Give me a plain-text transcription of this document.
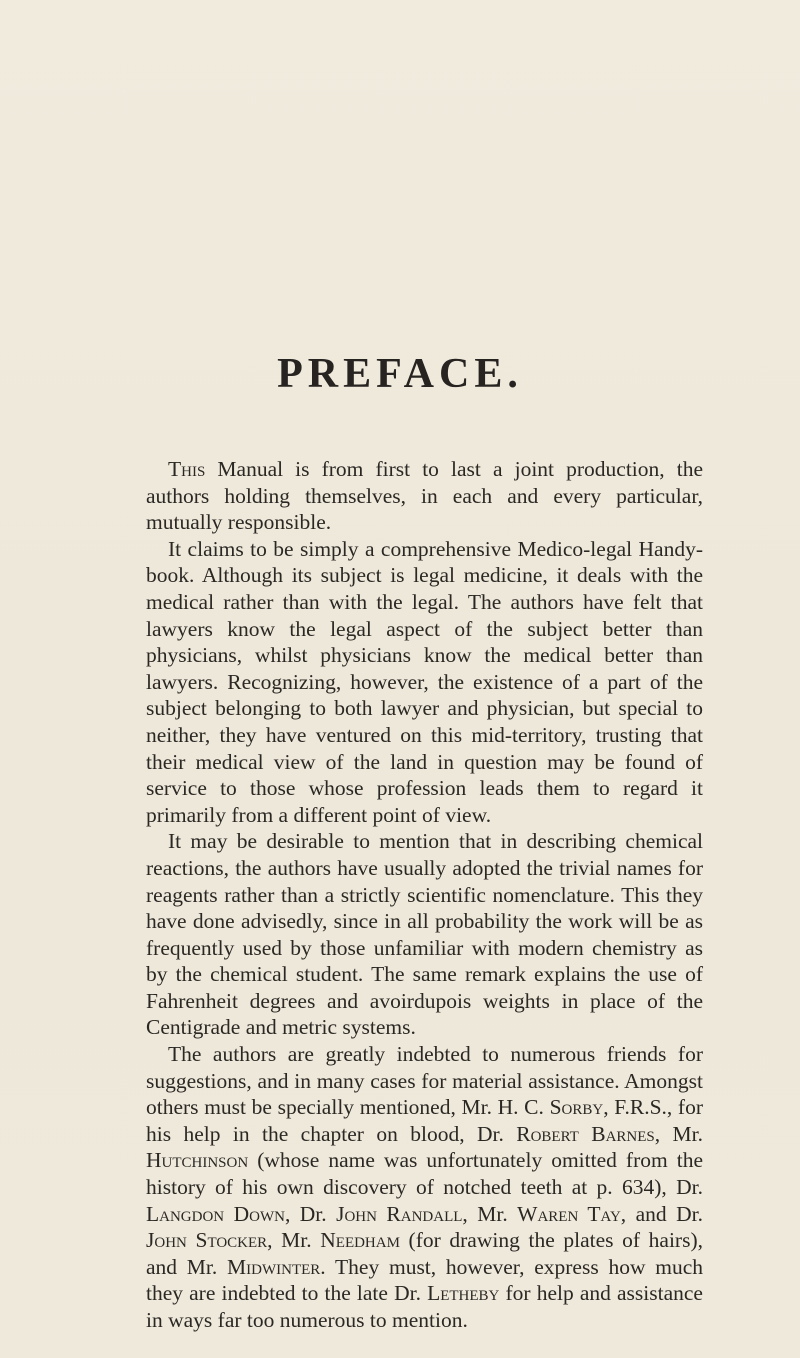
PREFACE.

This Manual is from first to last a joint production, the authors holding themselves, in each and every particular, mutually responsible.

It claims to be simply a comprehensive Medico-legal Handy-book. Although its subject is legal medicine, it deals with the medical rather than with the legal. The authors have felt that lawyers know the legal aspect of the subject better than physicians, whilst physicians know the medical better than lawyers. Recognizing, however, the existence of a part of the subject belonging to both lawyer and physician, but special to neither, they have ventured on this mid-territory, trusting that their medical view of the land in question may be found of service to those whose profession leads them to regard it primarily from a different point of view.

It may be desirable to mention that in describing chemical reactions, the authors have usually adopted the trivial names for reagents rather than a strictly scientific nomenclature. This they have done advisedly, since in all probability the work will be as frequently used by those unfamiliar with modern chemistry as by the chemical student. The same remark explains the use of Fahrenheit degrees and avoirdupois weights in place of the Centigrade and metric systems.

The authors are greatly indebted to numerous friends for suggestions, and in many cases for material assistance. Amongst others must be specially mentioned, Mr. H. C. Sorby, F.R.S., for his help in the chapter on blood, Dr. Robert Barnes, Mr. Hutchinson (whose name was unfortunately omitted from the history of his own discovery of notched teeth at p. 634), Dr. Langdon Down, Dr. John Randall, Mr. Waren Tay, and Dr. John Stocker, Mr. Needham (for drawing the plates of hairs), and Mr. Midwinter. They must, however, express how much they are indebted to the late Dr. Letheby for help and assistance in ways far too numerous to mention.
